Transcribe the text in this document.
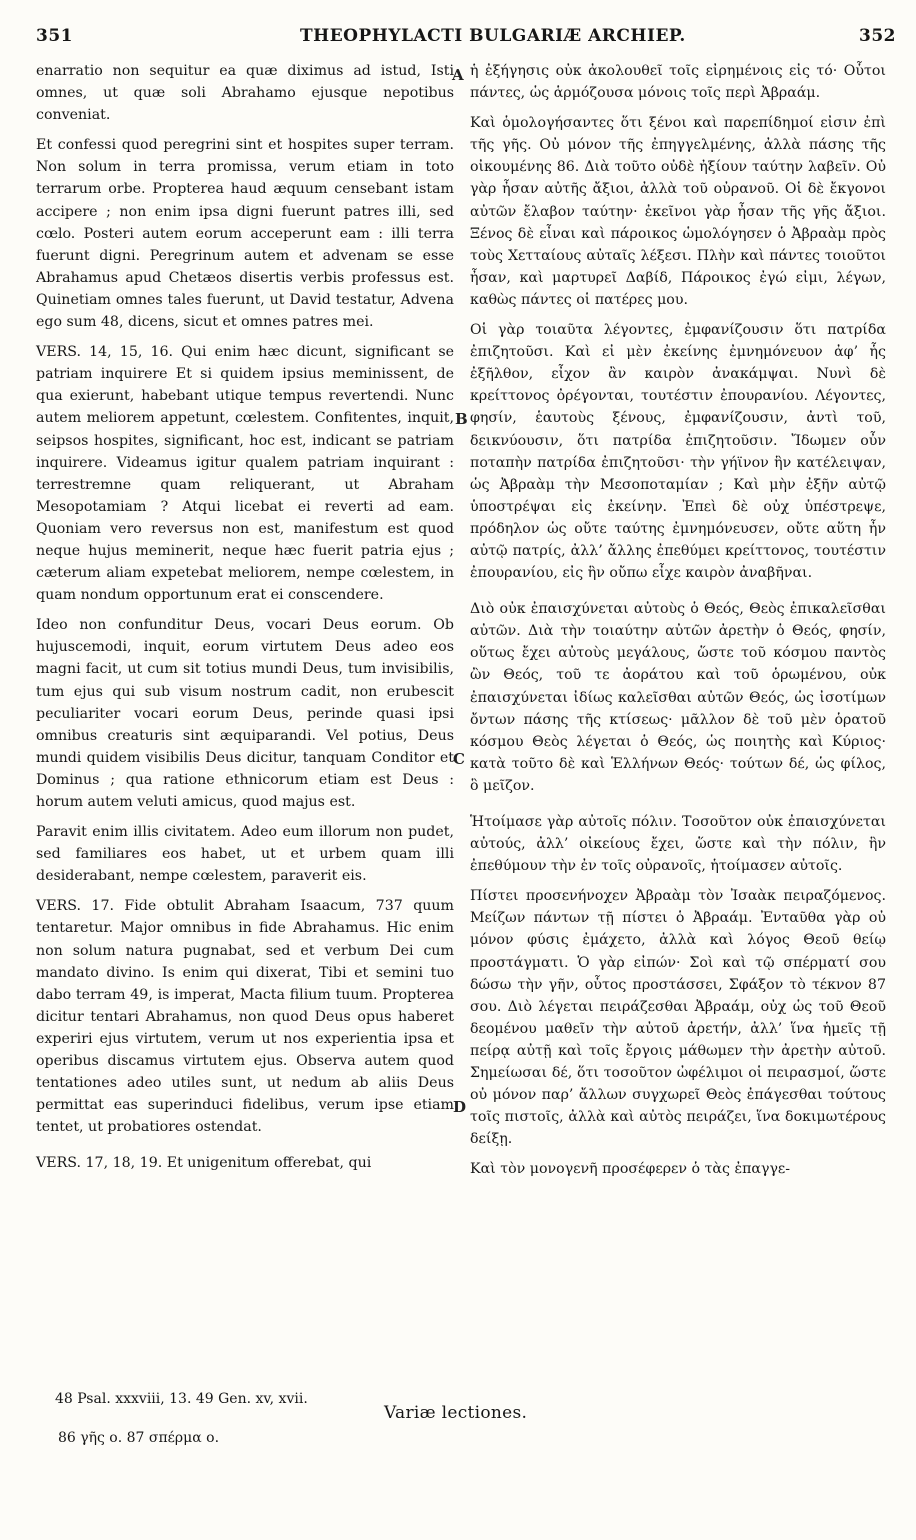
351	THEOPHYLACTI BULGARIÆ ARCHIEP.	352

enarratio non sequitur ea quæ diximus ad istud, Isti omnes, ut quæ soli Abrahamo ejusque nepotibus conveniat.

Et confessi quod peregrini sint et hospites super terram. Non solum in terra promissa, verum etiam in toto terrarum orbe. Propterea haud æquum censebant istam accipere ; non enim ipsa digni fuerunt patres illi, sed cœlo. Posteri autem eorum acceperunt eam : illi terra fuerunt digni. Peregrinum autem et advenam se esse Abrahamus apud Chetæos disertis verbis professus est. Quinetiam omnes tales fuerunt, ut David testatur, Advena ego sum 48, dicens, sicut et omnes patres mei.

VERS. 14, 15, 16. Qui enim hæc dicunt, significant se patriam inquirere Et si quidem ipsius meminissent, de qua exierunt, habebant utique tempus revertendi. Nunc autem meliorem appetunt, cœlestem. Confitentes, inquit, seipsos hospites, significant, hoc est, indicant se patriam inquirere. Videamus igitur qualem patriam inquirant : terrestremne quam reliquerant, ut Abraham Mesopotamiam ? Atqui licebat ei reverti ad eam. Quoniam vero reversus non est, manifestum est quod neque hujus meminerit, neque hæc fuerit patria ejus ; cæterum aliam expetebat meliorem, nempe cœlestem, in quam nondum opportunum erat ei conscendere.

Ideo non confunditur Deus, vocari Deus eorum. Ob hujuscemodi, inquit, eorum virtutem Deus adeo eos magni facit, ut cum sit totius mundi Deus, tum invisibilis, tum ejus qui sub visum nostrum cadit, non erubescit peculiariter vocari eorum Deus, perinde quasi ipsi omnibus creaturis sint æquiparandi. Vel potius, Deus mundi quidem visibilis Deus dicitur, tanquam Conditor et Dominus ; qua ratione ethnicorum etiam est Deus : horum autem veluti amicus, quod majus est.

Paravit enim illis civitatem. Adeo eum illorum non pudet, sed familiares eos habet, ut et urbem quam illi desiderabant, nempe cœlestem, paraverit eis.

VERS. 17. Fide obtulit Abraham Isaacum, 737 quum tentaretur. Major omnibus in fide Abrahamus. Hic enim non solum natura pugnabat, sed et verbum Dei cum mandato divino. Is enim qui dixerat, Tibi et semini tuo dabo terram 49, is imperat, Macta filium tuum. Propterea dicitur tentari Abrahamus, non quod Deus opus haberet experiri ejus virtutem, verum ut nos experientia ipsa et operibus discamus virtutem ejus. Observa autem quod tentationes adeo utiles sunt, ut nedum ab aliis Deus permittat eas superinduci fidelibus, verum ipse etiam tentet, ut probatiores ostendat.

VERS. 17, 18, 19. Et unigenitum offerebat, qui

A
B
C
D

ἡ ἐξήγησις οὐκ ἀκολουθεῖ τοῖς εἰρημένοις εἰς τό· Οὗτοι πάντες, ὡς ἁρμόζουσα μόνοις τοῖς περὶ Ἀβραάμ.

Καὶ ὁμολογήσαντες ὅτι ξένοι καὶ παρεπίδημοί εἰσιν ἐπὶ τῆς γῆς. Οὐ μόνον τῆς ἐπηγγελμένης, ἀλλὰ πάσης τῆς οἰκουμένης 86. Διὰ τοῦτο οὐδὲ ἠξίουν ταύτην λαβεῖν. Οὐ γὰρ ἦσαν αὐτῆς ἄξιοι, ἀλλὰ τοῦ οὐρανοῦ. Οἱ δὲ ἔκγονοι αὐτῶν ἔλαβον ταύτην· ἐκεῖνοι γὰρ ἦσαν τῆς γῆς ἄξιοι. Ξένος δὲ εἶναι καὶ πάροικος ὡμολόγησεν ὁ Ἀβραὰμ πρὸς τοὺς Χετταίους αὐταῖς λέξεσι. Πλὴν καὶ πάντες τοιοῦτοι ἦσαν, καὶ μαρτυρεῖ Δαβίδ, Πάροικος ἐγώ εἰμι, λέγων, καθὼς πάντες οἱ πατέρες μου.

Οἱ γὰρ τοιαῦτα λέγοντες, ἐμφανίζουσιν ὅτι πατρίδα ἐπιζητοῦσι. Καὶ εἰ μὲν ἐκείνης ἐμνημόνευον ἀφ’ ἧς ἐξῆλθον, εἶχον ἂν καιρὸν ἀνακάμψαι. Νυνὶ δὲ κρείττονος ὀρέγονται, τουτέστιν ἐπουρανίου. Λέγοντες, φησίν, ἑαυτοὺς ξένους, ἐμφανίζουσιν, ἀντὶ τοῦ, δεικνύουσιν, ὅτι πατρίδα ἐπιζητοῦσιν. Ἴδωμεν οὖν ποταπὴν πατρίδα ἐπιζητοῦσι· τὴν γήϊνον ἣν κατέλειψαν, ὡς Ἀβραὰμ τὴν Μεσοποταμίαν ; Καὶ μὴν ἐξῆν αὐτῷ ὑποστρέψαι εἰς ἐκείνην. Ἐπεὶ δὲ οὐχ ὑπέστρεψε, πρόδηλον ὡς οὔτε ταύτης ἐμνημόνευσεν, οὔτε αὕτη ἦν αὐτῷ πατρίς, ἀλλ’ ἄλλης ἐπεθύμει κρείττονος, τουτέστιν ἐπουρανίου, εἰς ἣν οὔπω εἶχε καιρὸν ἀναβῆναι.

Διὸ οὐκ ἐπαισχύνεται αὐτοὺς ὁ Θεός, Θεὸς ἐπικαλεῖσθαι αὐτῶν. Διὰ τὴν τοιαύτην αὐτῶν ἀρετὴν ὁ Θεός, φησίν, οὕτως ἔχει αὐτοὺς μεγάλους, ὥστε τοῦ κόσμου παντὸς ὢν Θεός, τοῦ τε ἀοράτου καὶ τοῦ ὁρωμένου, οὐκ ἐπαισχύνεται ἰδίως καλεῖσθαι αὐτῶν Θεός, ὡς ἰσοτίμων ὄντων πάσης τῆς κτίσεως· μᾶλλον δὲ τοῦ μὲν ὁρατοῦ κόσμου Θεὸς λέγεται ὁ Θεός, ὡς ποιητὴς καὶ Κύριος· κατὰ τοῦτο δὲ καὶ Ἑλλήνων Θεός· τούτων δέ, ὡς φίλος, ὃ μεῖζον.

Ἡτοίμασε γὰρ αὐτοῖς πόλιν. Τοσοῦτον οὐκ ἐπαισχύνεται αὐτούς, ἀλλ’ οἰκείους ἔχει, ὥστε καὶ τὴν πόλιν, ἣν ἐπεθύμουν τὴν ἐν τοῖς οὐρανοῖς, ἡτοίμασεν αὐτοῖς.

Πίστει προσενήνοχεν Ἀβραὰμ τὸν Ἰσαὰκ πειραζόμενος. Μείζων πάντων τῇ πίστει ὁ Ἀβραάμ. Ἐνταῦθα γὰρ οὐ μόνον φύσις ἐμάχετο, ἀλλὰ καὶ λόγος Θεοῦ θείῳ προστάγματι. Ὁ γὰρ εἰπών· Σοὶ καὶ τῷ σπέρματί σου δώσω τὴν γῆν, οὗτος προστάσσει, Σφάξον τὸ τέκνον 87 σου. Διὸ λέγεται πειράζεσθαι Ἀβραάμ, οὐχ ὡς τοῦ Θεοῦ δεομένου μαθεῖν τὴν αὐτοῦ ἀρετήν, ἀλλ’ ἵνα ἡμεῖς τῇ πείρᾳ αὐτῇ καὶ τοῖς ἔργοις μάθωμεν τὴν ἀρετὴν αὐτοῦ. Σημείωσαι δέ, ὅτι τοσοῦτον ὠφέλιμοι οἱ πειρασμοί, ὥστε οὐ μόνον παρ’ ἄλλων συγχωρεῖ Θεὸς ἐπάγεσθαι τούτους τοῖς πιστοῖς, ἀλλὰ καὶ αὐτὸς πειράζει, ἵνα δοκιμωτέρους δείξῃ.

Καὶ τὸν μονογενῆ προσέφερεν ὁ τὰς ἐπαγγε-

48 Psal. xxxviii, 13. 49 Gen. xv, xvii.
Variæ lectiones.
86 γῆς ο. 87 σπέρμα ο.
